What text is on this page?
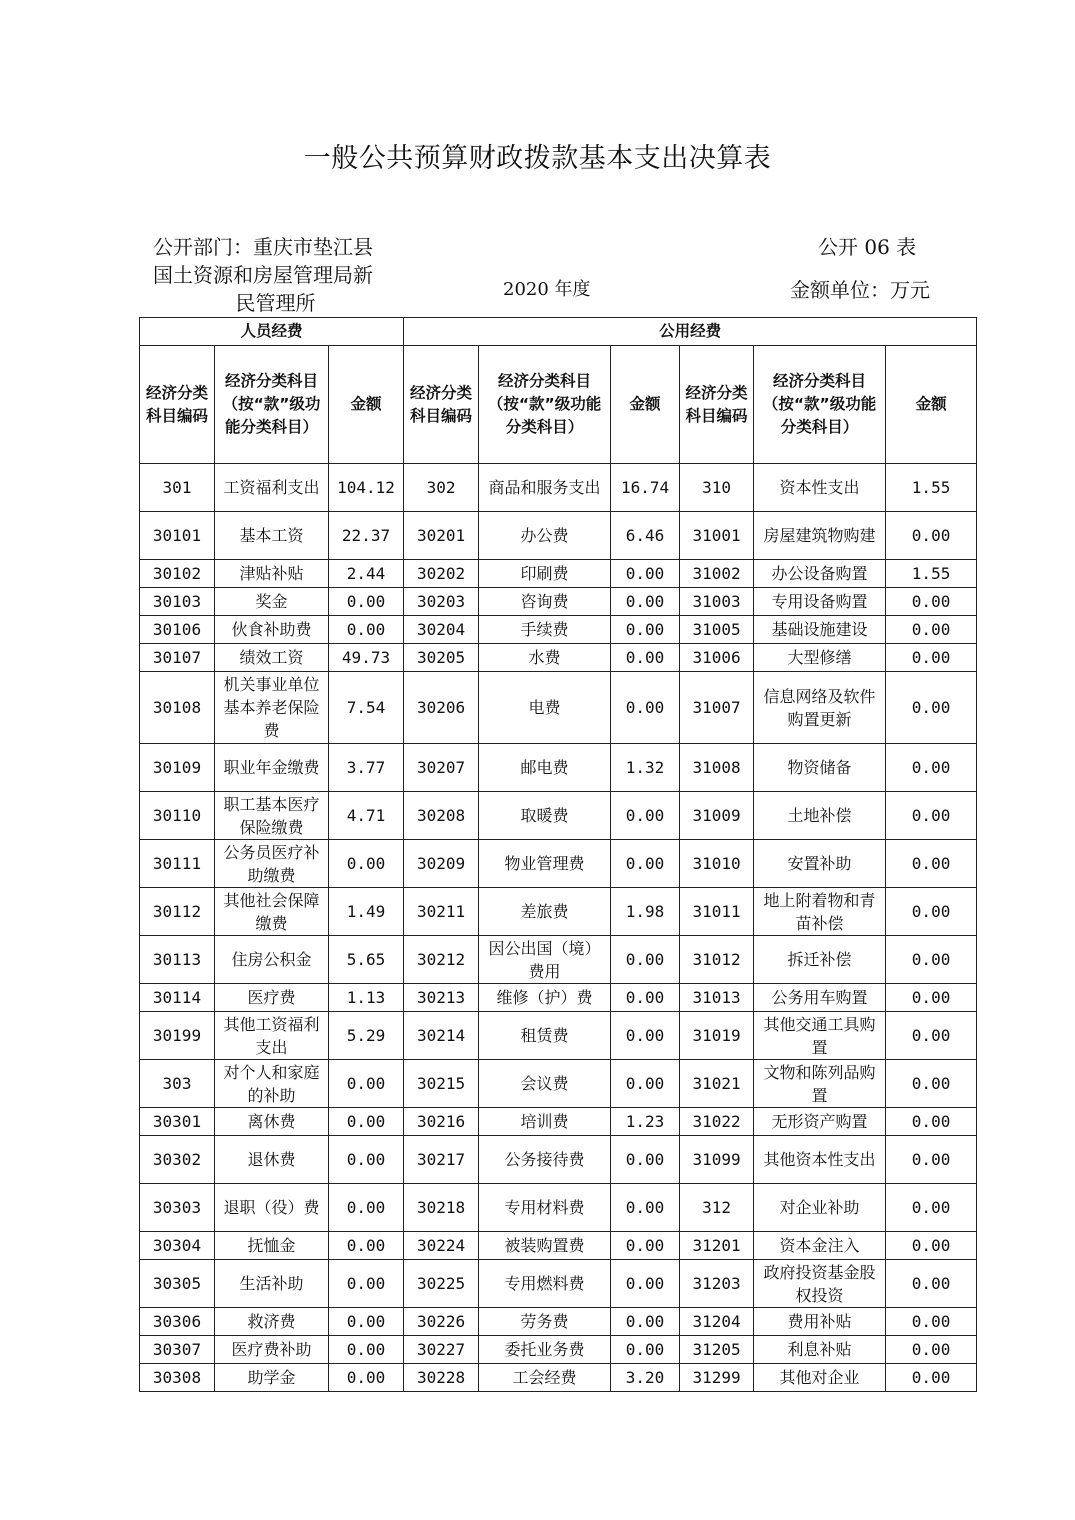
一般公共预算财政拨款基本支出决算表
公开部门：重庆市垫江县
国土资源和房屋管理局新
民管理所
公开 06 表
2020 年度	金额单位：万元
人员经费			公用经费					
经济分类科目编码	经济分类科目（按“款”级功能分类科目）	金额	经济分类科目编码	经济分类科目（按“款”级功能分类科目）	金额	经济分类科目编码	经济分类科目（按“款”级功能分类科目）	金额
301	工资福利支出	104.12	302	商品和服务支出	16.74	310	资本性支出	1.55
30101	基本工资	22.37	30201	办公费	6.46	31001	房屋建筑物购建	0.00
30102	津贴补贴	2.44	30202	印刷费	0.00	31002	办公设备购置	1.55
30103	奖金	0.00	30203	咨询费	0.00	31003	专用设备购置	0.00
30106	伙食补助费	0.00	30204	手续费	0.00	31005	基础设施建设	0.00
30107	绩效工资	49.73	30205	水费	0.00	31006	大型修缮	0.00
30108	机关事业单位基本养老保险费	7.54	30206	电费	0.00	31007	信息网络及软件购置更新	0.00
30109	职业年金缴费	3.77	30207	邮电费	1.32	31008	物资储备	0.00
30110	职工基本医疗保险缴费	4.71	30208	取暖费	0.00	31009	土地补偿	0.00
30111	公务员医疗补助缴费	0.00	30209	物业管理费	0.00	31010	安置补助	0.00
30112	其他社会保障缴费	1.49	30211	差旅费	1.98	31011	地上附着物和青苗补偿	0.00
30113	住房公积金	5.65	30212	因公出国（境）费用	0.00	31012	拆迁补偿	0.00
30114	医疗费	1.13	30213	维修（护）费	0.00	31013	公务用车购置	0.00
30199	其他工资福利支出	5.29	30214	租赁费	0.00	31019	其他交通工具购置	0.00
303	对个人和家庭的补助	0.00	30215	会议费	0.00	31021	文物和陈列品购置	0.00
30301	离休费	0.00	30216	培训费	1.23	31022	无形资产购置	0.00
30302	退休费	0.00	30217	公务接待费	0.00	31099	其他资本性支出	0.00
30303	退职（役）费	0.00	30218	专用材料费	0.00	312	对企业补助	0.00
30304	抚恤金	0.00	30224	被装购置费	0.00	31201	资本金注入	0.00
30305	生活补助	0.00	30225	专用燃料费	0.00	31203	政府投资基金股权投资	0.00
30306	救济费	0.00	30226	劳务费	0.00	31204	费用补贴	0.00
30307	医疗费补助	0.00	30227	委托业务费	0.00	31205	利息补贴	0.00
30308	助学金	0.00	30228	工会经费	3.20	31299	其他对企业	0.00
